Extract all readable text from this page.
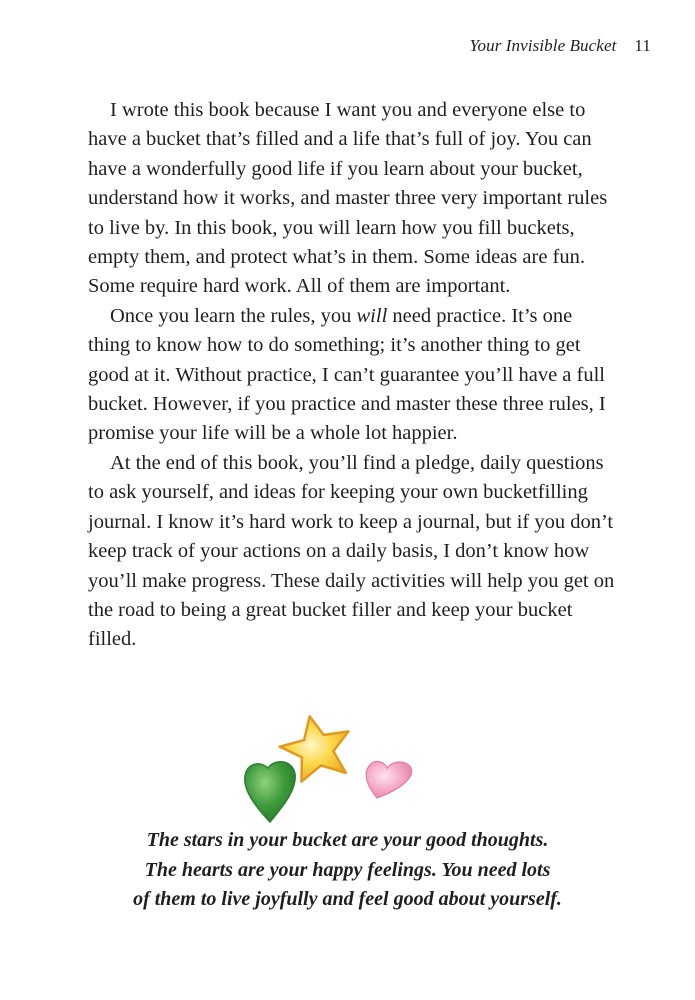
Your Invisible Bucket 11

I wrote this book because I want you and everyone else to have a bucket that’s filled and a life that’s full of joy. You can have a wonderfully good life if you learn about your bucket, understand how it works, and master three very important rules to live by. In this book, you will learn how you fill buckets, empty them, and protect what’s in them. Some ideas are fun. Some require hard work. All of them are important.

Once you learn the rules, you will need practice. It’s one thing to know how to do something; it’s another thing to get good at it. Without practice, I can’t guarantee you’ll have a full bucket. However, if you practice and master these three rules, I promise your life will be a whole lot happier.

At the end of this book, you’ll find a pledge, daily questions to ask yourself, and ideas for keeping your own bucketfilling journal. I know it’s hard work to keep a journal, but if you don’t keep track of your actions on a daily basis, I don’t know how you’ll make progress. These daily activities will help you get on the road to being a great bucket filler and keep your bucket filled.

The stars in your bucket are your good thoughts.
The hearts are your happy feelings. You need lots
of them to live joyfully and feel good about yourself.
